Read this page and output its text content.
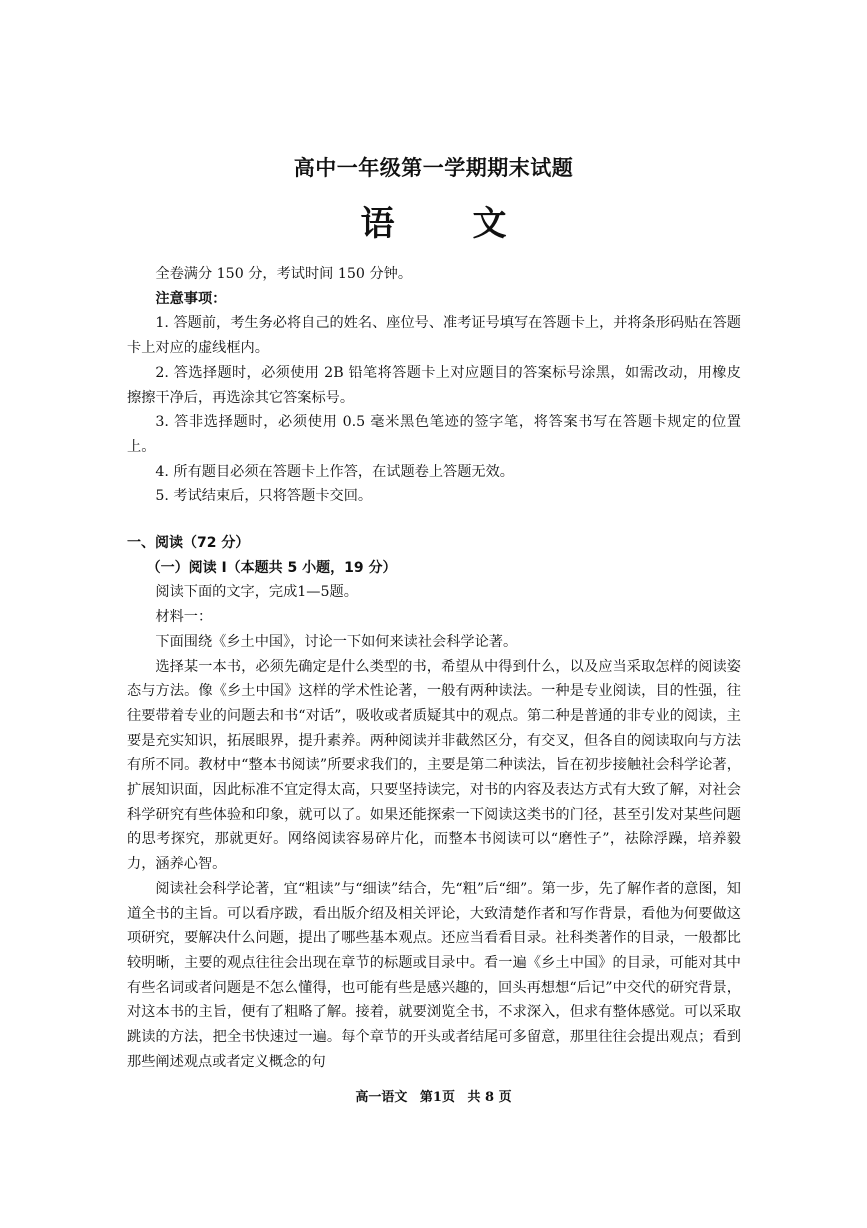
高中一年级第一学期期末试题
语文

全卷满分 150 分，考试时间 150 分钟。

注意事项：

1. 答题前，考生务必将自己的姓名、座位号、准考证号填写在答题卡上，并将条形码贴在答题卡上对应的虚线框内。

2. 答选择题时，必须使用 2B 铅笔将答题卡上对应题目的答案标号涂黑，如需改动，用橡皮擦擦干净后，再选涂其它答案标号。

3. 答非选择题时，必须使用 0.5 毫米黑色笔迹的签字笔，将答案书写在答题卡规定的位置上。

4. 所有题目必须在答题卡上作答，在试题卷上答题无效。

5. 考试结束后，只将答题卡交回。

一、阅读（72 分）

（一）阅读 I（本题共 5 小题，19 分）

阅读下面的文字，完成1—5题。

材料一：

下面围绕《乡土中国》，讨论一下如何来读社会科学论著。

选择某一本书，必须先确定是什么类型的书，希望从中得到什么，以及应当采取怎样的阅读姿态与方法。像《乡土中国》这样的学术性论著，一般有两种读法。一种是专业阅读，目的性强，往往要带着专业的问题去和书“对话”，吸收或者质疑其中的观点。第二种是普通的非专业的阅读，主要是充实知识，拓展眼界，提升素养。两种阅读并非截然区分，有交叉，但各自的阅读取向与方法有所不同。教材中“整本书阅读”所要求我们的，主要是第二种读法，旨在初步接触社会科学论著，扩展知识面，因此标准不宜定得太高，只要坚持读完，对书的内容及表达方式有大致了解，对社会科学研究有些体验和印象，就可以了。如果还能探索一下阅读这类书的门径，甚至引发对某些问题的思考探究，那就更好。网络阅读容易碎片化，而整本书阅读可以“磨性子”，祛除浮躁，培养毅力，涵养心智。

阅读社会科学论著，宜“粗读”与“细读”结合，先“粗”后“细”。第一步，先了解作者的意图，知道全书的主旨。可以看序跋，看出版介绍及相关评论，大致清楚作者和写作背景，看他为何要做这项研究，要解决什么问题，提出了哪些基本观点。还应当看看目录。社科类著作的目录，一般都比较明晰，主要的观点往往会出现在章节的标题或目录中。看一遍《乡土中国》的目录，可能对其中有些名词或者问题是不怎么懂得，也可能有些是感兴趣的，回头再想想“后记”中交代的研究背景，对这本书的主旨，便有了粗略了解。接着，就要浏览全书，不求深入，但求有整体感觉。可以采取跳读的方法，把全书快速过一遍。每个章节的开头或者结尾可多留意，那里往往会提出观点；看到那些阐述观点或者定义概念的句

高一语文 第1页 共 8 页
